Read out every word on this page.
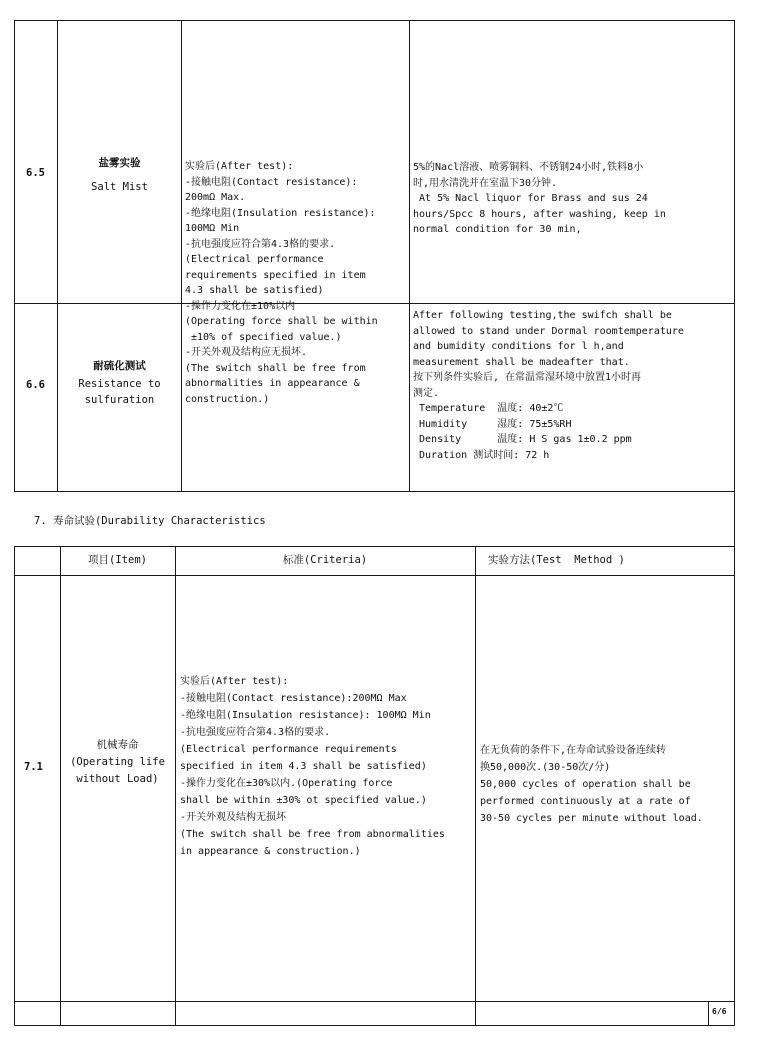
6.5
盐雾实验
Salt Mist
实验后(After test):
-接触电阻(Contact resistance):
200mΩ Max.
-绝缘电阻(Insulation resistance):
100MΩ Min
-抗电强度应符合第4.3格的要求.
(Electrical performance
requirements specified in item
4.3 shall be satisfied)
-操作力变化在±10%以内
(Operating force shall be within
±10% of specified value.)
-开关外观及结构应无损坏.
(The switch shall be free from
abnormalities in appearance &
construction.)
5%的Nacl溶液、喷雾铜料、不锈钢24小时,铁料8小
时,用水清洗并在室温下30分钟.
At 5% Nacl liquor for Brass and sus 24
hours/Spcc 8 hours, after washing, keep in
normal condition for 30 min,
6.6
耐硫化测试
Resistance to
sulfuration
After following testing,the swifch shall be
allowed to stand under Dormal roomtemperature
and bumidity conditions for l h,and
measurement shall be madeafter that.
按下列条件实验后, 在常温常湿环境中放置1小时再
测定.
Temperature  温度: 40±2℃
Humidity     湿度: 75±5%RH
Density      温度: H S gas 1±0.2 ppm
Duration 测试时间: 72 h
7. 寿命试验(Durability Characteristics
项目(Item)	标准(Criteria)	实验方法(Test  Method )
7.1
机械寿命
(Operating life
without Load)
实验后(After test):
-接触电阻(Contact resistance):200MΩ Max
-绝缘电阻(Insulation resistance): 100MΩ Min
-抗电强度应符合第4.3格的要求.
(Electrical performance requirements
specified in item 4.3 shall be satisfied)
-操作力变化在±30%以内.(Operating force
shall be within ±30% ot specified value.)
-开关外观及结构无损坏
(The switch shall be free from abnormalities
in appearance & construction.)
在无负荷的条件下,在寿命试验设备连续转
换50,000次.(30-50次/分)
50,000 cycles of operation shall be
performed continuously at a rate of
30-50 cycles per minute without load.
6/6
